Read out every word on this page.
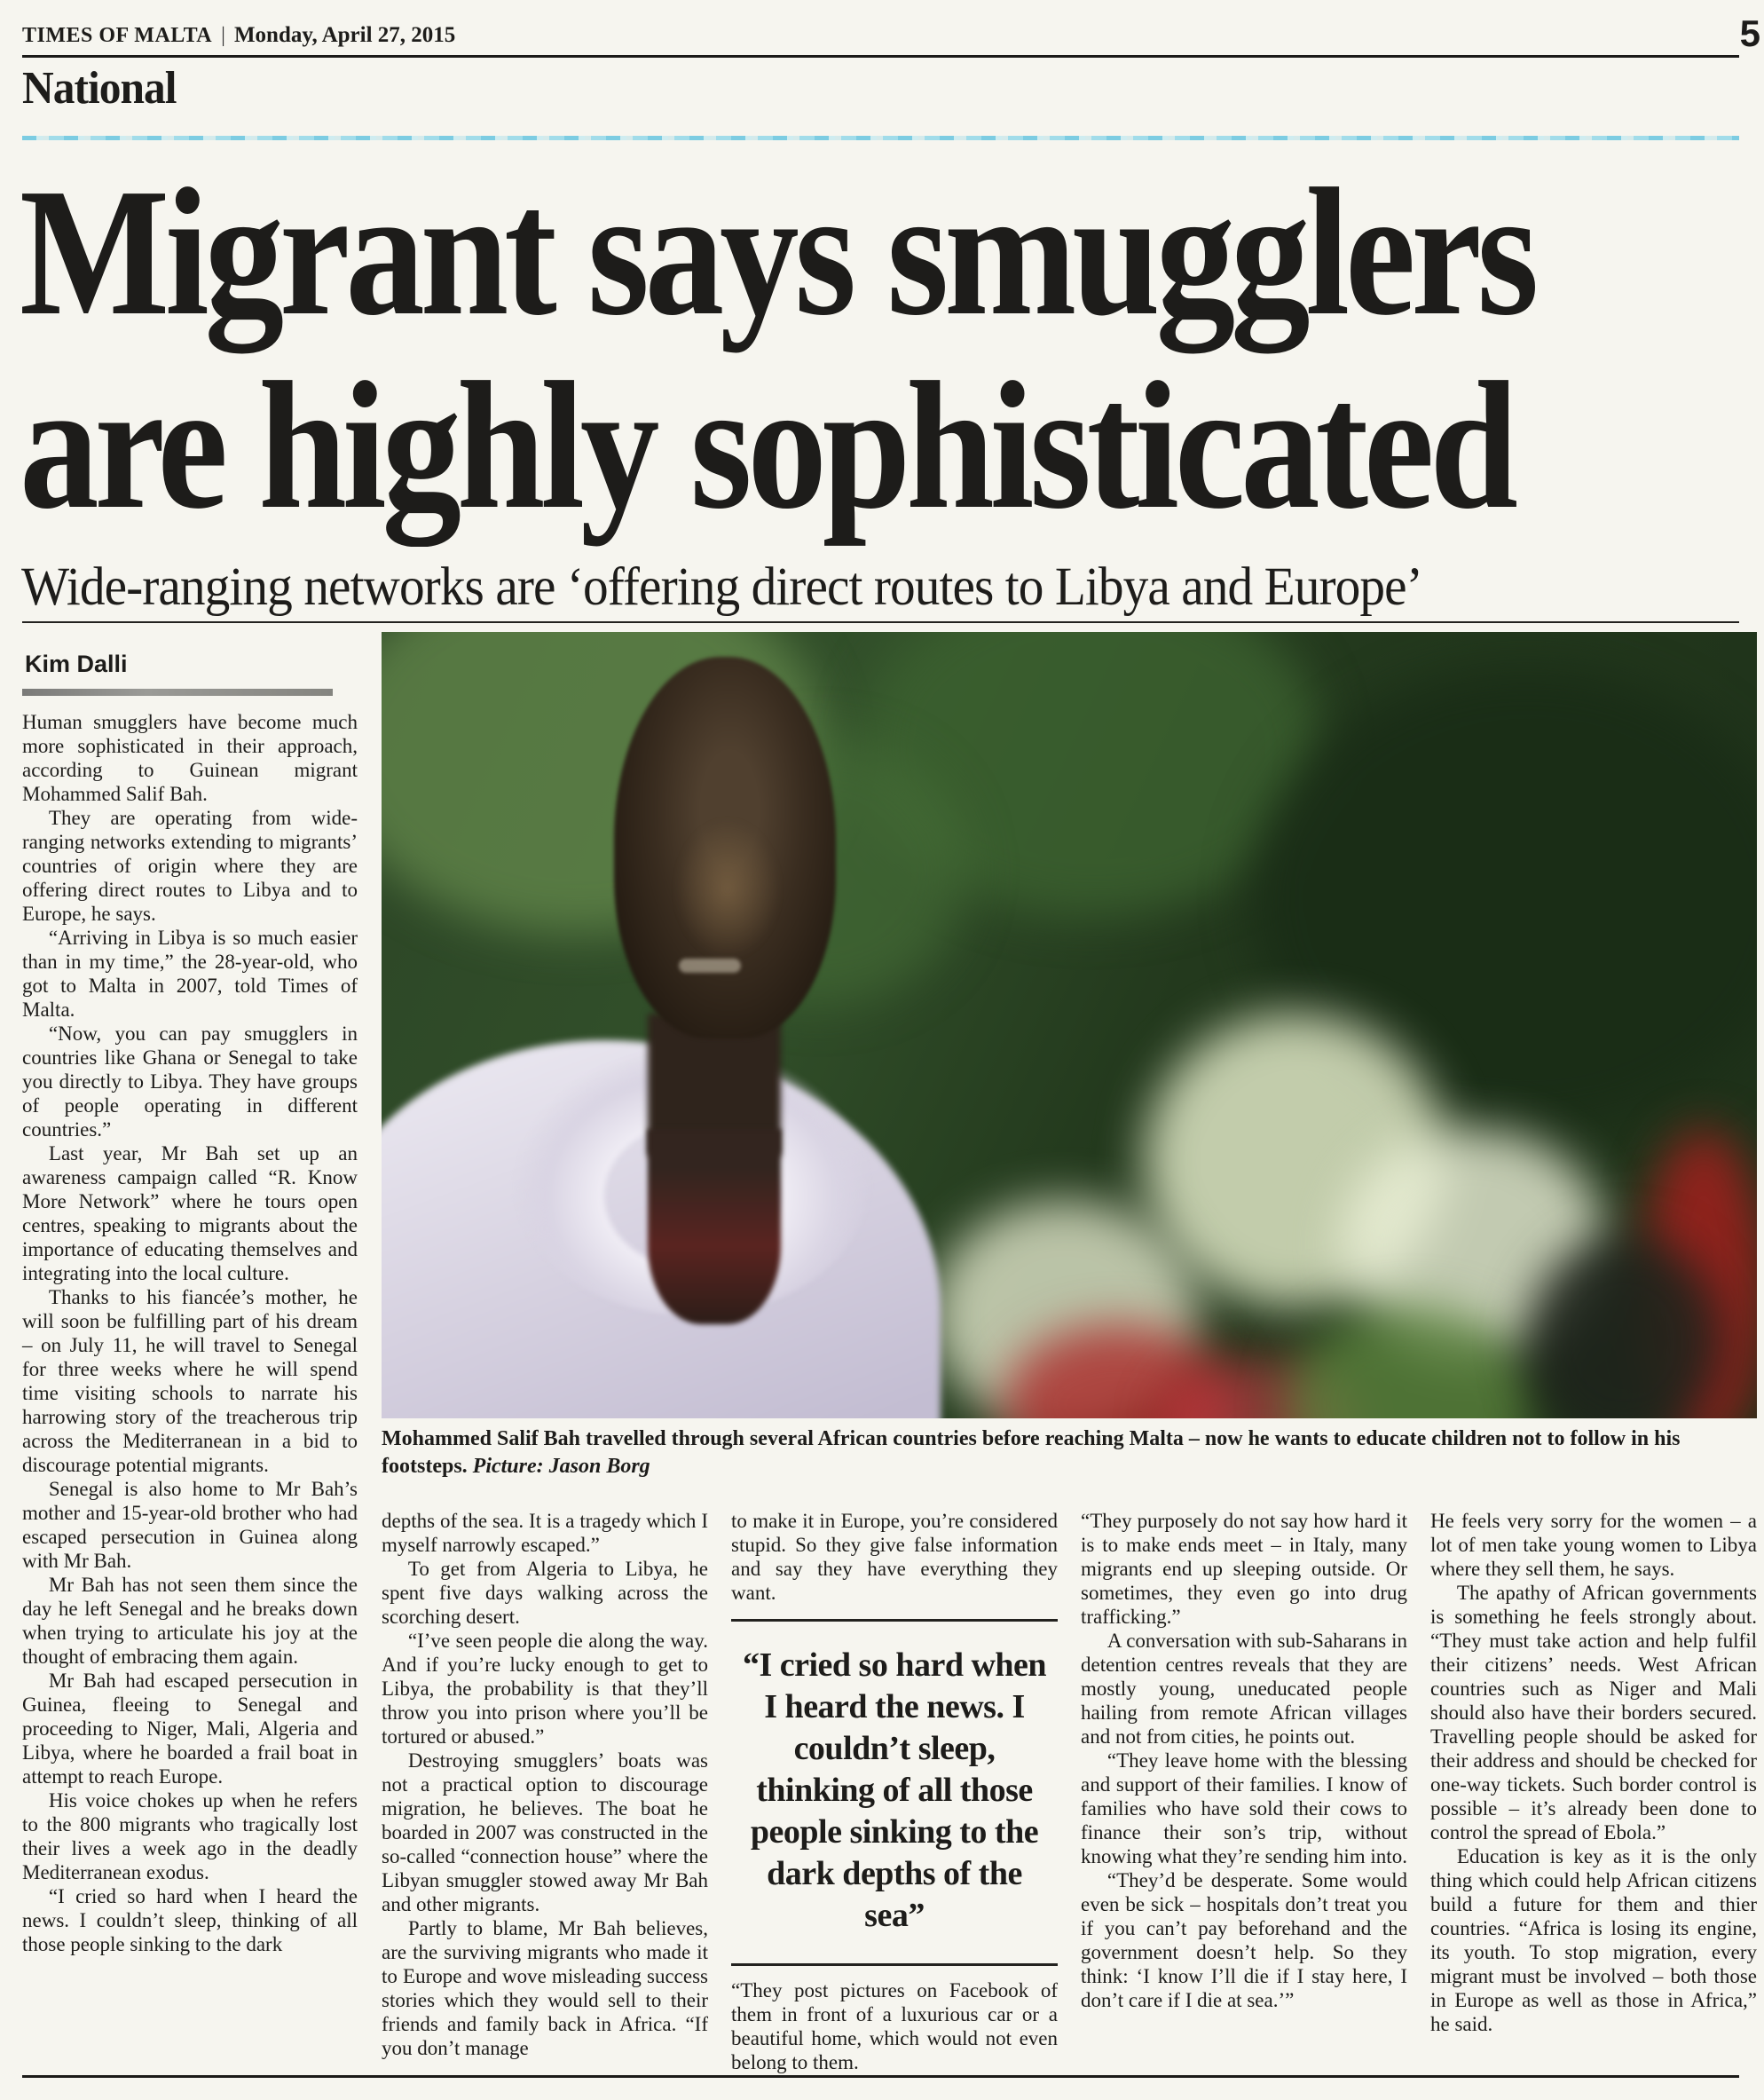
TIMES OF MALTA | Monday, April 27, 2015	5
National
Migrant says smugglers
are highly sophisticated
Wide-ranging networks are ‘offering direct routes to Libya and Europe’
Kim Dalli
Mohammed Salif Bah travelled through several African countries before reaching Malta – now he wants to educate children not to follow in his footsteps. Picture: Jason Borg

Human smugglers have become much more sophisticated in their approach, according to Guinean migrant Mohammed Salif Bah.

They are operating from wide-ranging networks extending to migrants’ countries of origin where they are offering direct routes to Libya and to Europe, he says.

“Arriving in Libya is so much easier than in my time,” the 28-year-old, who got to Malta in 2007, told Times of Malta.

“Now, you can pay smugglers in countries like Ghana or Senegal to take you directly to Libya. They have groups of people operating in different countries.”

Last year, Mr Bah set up an awareness campaign called “R. Know More Network” where he tours open centres, speaking to migrants about the importance of educating themselves and integrating into the local culture.

Thanks to his fiancée’s mother, he will soon be fulfilling part of his dream – on July 11, he will travel to Senegal for three weeks where he will spend time visiting schools to narrate his harrowing story of the treacherous trip across the Mediterranean in a bid to discourage potential migrants.

Senegal is also home to Mr Bah’s mother and 15-year-old brother who had escaped persecution in Guinea along with Mr Bah.

Mr Bah has not seen them since the day he left Senegal and he breaks down when trying to articulate his joy at the thought of embracing them again.

Mr Bah had escaped persecution in Guinea, fleeing to Senegal and proceeding to Niger, Mali, Algeria and Libya, where he boarded a frail boat in attempt to reach Europe.

His voice chokes up when he refers to the 800 migrants who tragically lost their lives a week ago in the deadly Mediterranean exodus.

“I cried so hard when I heard the news. I couldn’t sleep, thinking of all those people sinking to the dark

depths of the sea. It is a tragedy which I myself narrowly escaped.”

To get from Algeria to Libya, he spent five days walking across the scorching desert.

“I’ve seen people die along the way. And if you’re lucky enough to get to Libya, the probability is that they’ll throw you into prison where you’ll be tortured or abused.”

Destroying smugglers’ boats was not a practical option to discourage migration, he believes. The boat he boarded in 2007 was constructed in the so-called “connection house” where the Libyan smuggler stowed away Mr Bah and other migrants.

Partly to blame, Mr Bah believes, are the surviving migrants who made it to Europe and wove misleading success stories which they would sell to their friends and family back in Africa. “If you don’t manage

to make it in Europe, you’re considered stupid. So they give false information and say they have everything they want.

“I cried so hard when I heard the news. I couldn’t sleep, thinking of all those people sinking to the dark depths of the sea”

“They post pictures on Facebook of them in front of a luxurious car or a beautiful home, which would not even belong to them.

“They purposely do not say how hard it is to make ends meet – in Italy, many migrants end up sleeping outside. Or sometimes, they even go into drug trafficking.”

A conversation with sub-Saharans in detention centres reveals that they are mostly young, uneducated people hailing from remote African villages and not from cities, he points out.

“They leave home with the blessing and support of their families. I know of families who have sold their cows to finance their son’s trip, without knowing what they’re sending him into.

“They’d be desperate. Some would even be sick – hospitals don’t treat you if you can’t pay beforehand and the government doesn’t help. So they think: ‘I know I’ll die if I stay here, I don’t care if I die at sea.’”

He feels very sorry for the women – a lot of men take young women to Libya where they sell them, he says.

The apathy of African governments is something he feels strongly about. “They must take action and help fulfil their citizens’ needs. West African countries such as Niger and Mali should also have their borders secured. Travelling people should be asked for their address and should be checked for one-way tickets. Such border control is possible – it’s already been done to control the spread of Ebola.”

Education is key as it is the only thing which could help African citizens build a future for them and thier countries. “Africa is losing its engine, its youth. To stop migration, every migrant must be involved – both those in Europe as well as those in Africa,” he said.
